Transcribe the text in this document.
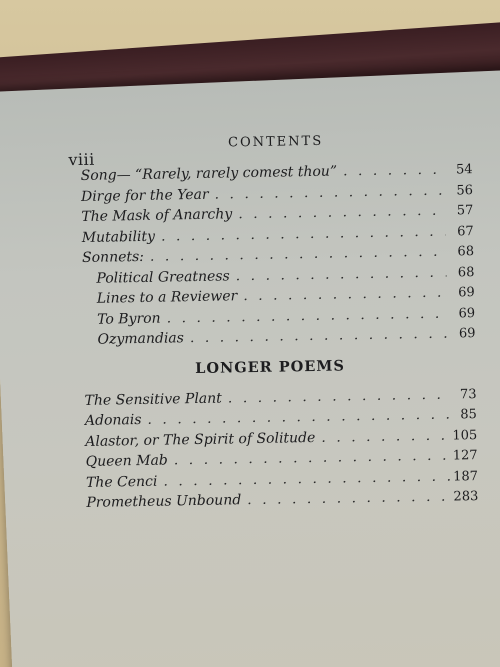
viii
CONTENTS
Song— “Rarely, rarely comest thou” . . .	54
Dirge for the Year . . .	56
The Mask of Anarchy . . .	57
Mutability . . .	67
Sonnets: . . .	68
Political Greatness . . .	68
Lines to a Reviewer . . .	69
To Byron . . .	69
Ozymandias . . .	69
LONGER POEMS
The Sensitive Plant . . .	73
Adonais . . .	85
Alastor, or The Spirit of Solitude . . .	105
Queen Mab . . .	127
The Cenci . . .	187
Prometheus Unbound . . .	283
